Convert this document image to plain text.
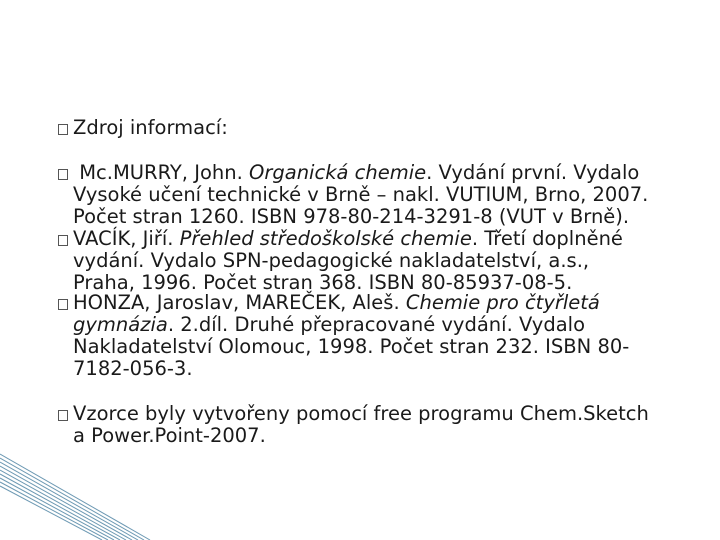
Zdroj informací:
Mc.MURRY, John. Organická chemie. Vydání první. Vydalo
Vysoké učení technické v Brně – nakl. VUTIUM, Brno, 2007.
Počet stran 1260. ISBN 978-80-214-3291-8 (VUT v Brně).
VACÍK, Jiří. Přehled středoškolské chemie. Třetí doplněné
vydání. Vydalo SPN-pedagogické nakladatelství, a.s.,
Praha, 1996. Počet stran 368. ISBN 80-85937-08-5.
HONZA, Jaroslav, MAREČEK, Aleš. Chemie pro čtyřletá
gymnázia. 2.díl. Druhé přepracované vydání. Vydalo
Nakladatelství Olomouc, 1998. Počet stran 232. ISBN 80-
7182-056-3.
Vzorce byly vytvořeny pomocí free programu Chem.Sketch
a Power.Point-2007.
